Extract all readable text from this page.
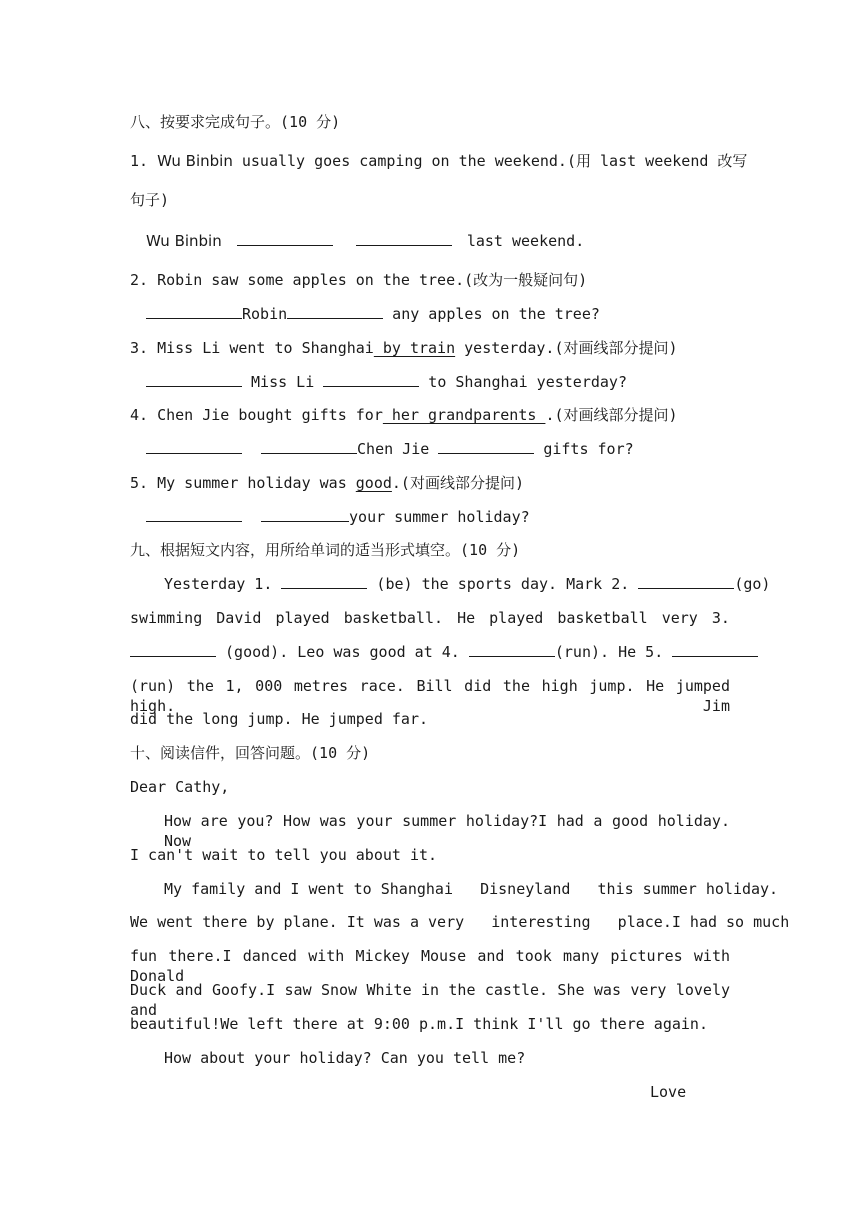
八、按要求完成句子。(10 分)
1. Wu Binbin usually goes camping on the weekend.(用 last weekend 改写
句子)
Wu Binbin	last weekend.
2. Robin saw some apples on the tree.(改为一般疑问句)
Robin	any apples on the tree?
3. Miss Li went to Shanghai by train yesterday.(对画线部分提问)
Miss Li	to Shanghai yesterday?
4. Chen Jie bought gifts for her grandparents .(对画线部分提问)
Chen Jie	gifts for?
5. My summer holiday was good.(对画线部分提问)
your summer holiday?
九、根据短文内容，用所给单词的适当形式填空。(10 分)
Yesterday 1.	(be) the sports day. Mark 2.	(go)
swimming David played basketball. He played basketball very 3.
(good). Leo was good at 4.	(run). He 5.
(run) the 1, 000 metres race. Bill did the high jump. He jumped high. Jim
did the long jump. He jumped far.
十、阅读信件，回答问题。(10 分)
Dear Cathy,
How are you? How was your summer holiday?I had a good holiday. Now
I can't wait to tell you about it.
My family and I went to Shanghai   Disneyland   this summer holiday.
We went there by plane. It was a very   interesting   place.I had so much
fun there.I danced with Mickey Mouse and took many pictures with Donald
Duck and Goofy.I saw Snow White in the castle. She was very lovely and
beautiful!We left there at 9:00 p.m.I think I'll go there again.
How about your holiday? Can you tell me?
Love
